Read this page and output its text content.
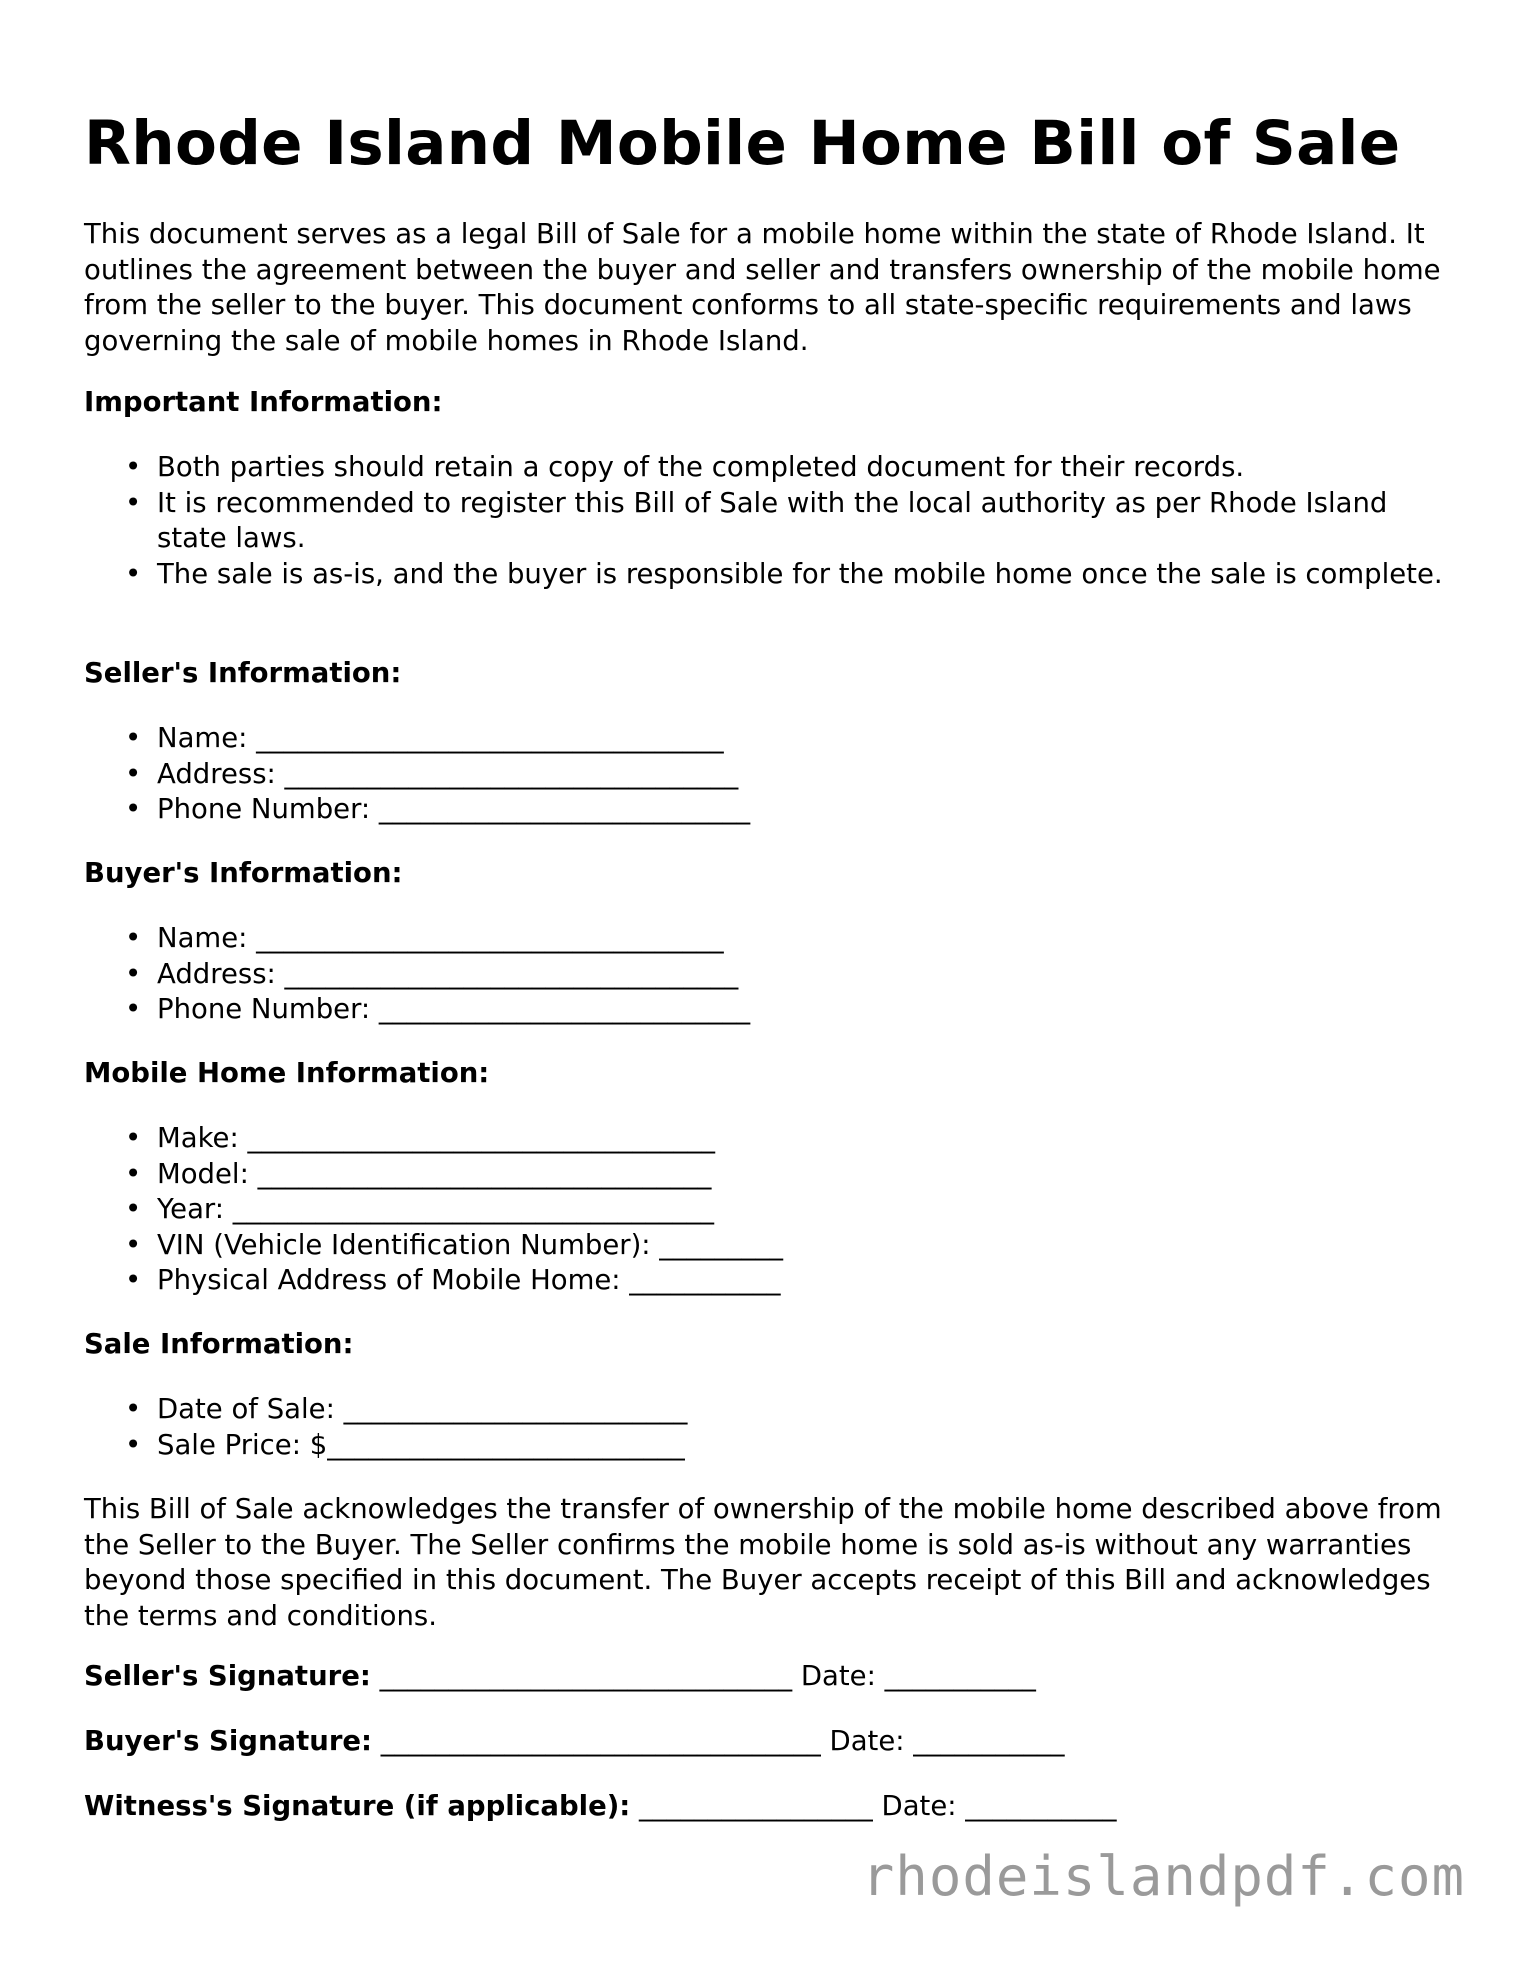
Rhode Island Mobile Home Bill of Sale

This document serves as a legal Bill of Sale for a mobile home within the state of Rhode Island. It outlines the agreement between the buyer and seller and transfers ownership of the mobile home from the seller to the buyer. This document conforms to all state-specific requirements and laws governing the sale of mobile homes in Rhode Island.

Important Information:

• Both parties should retain a copy of the completed document for their records.
• It is recommended to register this Bill of Sale with the local authority as per Rhode Island state laws.
• The sale is as-is, and the buyer is responsible for the mobile home once the sale is complete.

Seller's Information:

• Name: __________________________________
• Address: _________________________________
• Phone Number: ___________________________

Buyer's Information:

• Name: __________________________________
• Address: _________________________________
• Phone Number: ___________________________

Mobile Home Information:

• Make: __________________________________
• Model: _________________________________
• Year: ___________________________________
• VIN (Vehicle Identification Number): _________
• Physical Address of Mobile Home: ___________

Sale Information:

• Date of Sale: _________________________
• Sale Price: $__________________________

This Bill of Sale acknowledges the transfer of ownership of the mobile home described above from the Seller to the Buyer. The Seller confirms the mobile home is sold as-is without any warranties beyond those specified in this document. The Buyer accepts receipt of this Bill and acknowledges the terms and conditions.

Seller's Signature: ______________________________ Date: ___________

Buyer's Signature: ________________________________ Date: ___________

Witness's Signature (if applicable): _________________ Date: ___________

rhodeislandpdf.com
